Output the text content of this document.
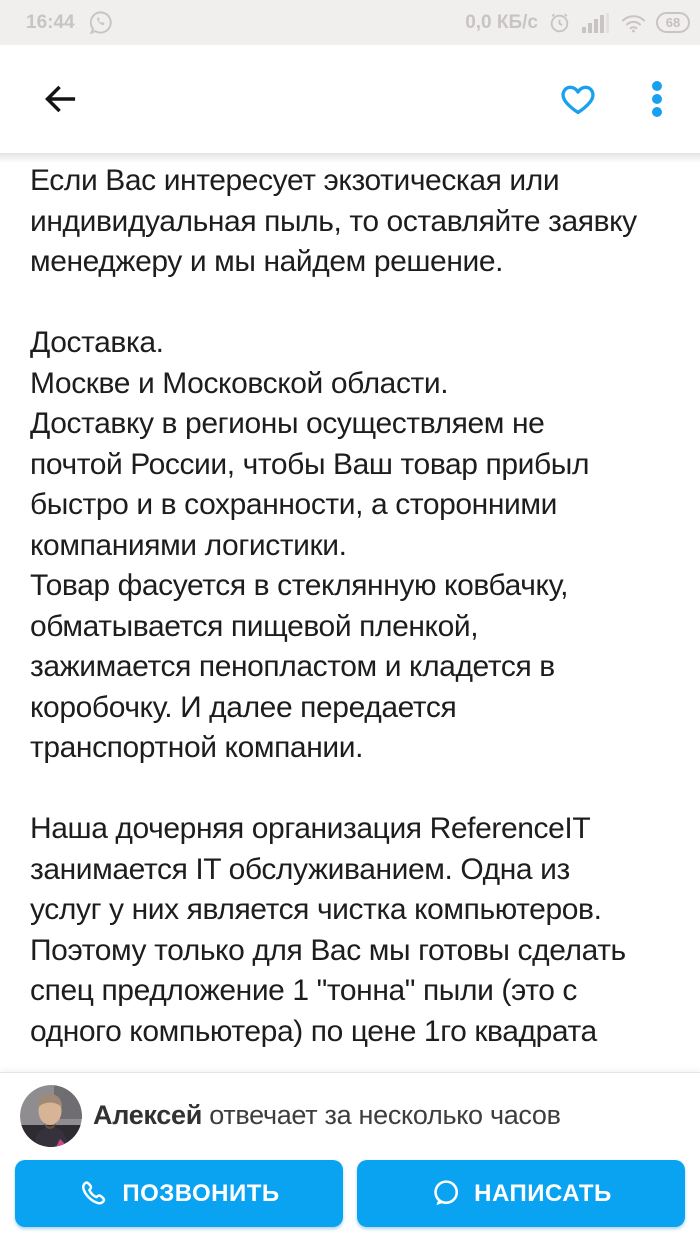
16:44	0,0 КБ/с	68
Если Вас интересует экзотическая или
индивидуальная пыль, то оставляйте заявку
менеджеру и мы найдем решение.
Доставка.
Москве и Московской области.
Доставку в регионы осуществляем не
почтой России, чтобы Ваш товар прибыл
быстро и в сохранности, а сторонними
компаниями логистики.
Товар фасуется в стеклянную ковбачку,
обматывается пищевой пленкой,
зажимается пенопластом и кладется в
коробочку. И далее передается
транспортной компании.
Наша дочерняя организация ReferenceIT
занимается IT обслуживанием. Одна из
услуг у них является чистка компьютеров.
Поэтому только для Вас мы готовы сделать
спец предложение 1 "тонна" пыли (это с
одного компьютера) по цене 1го квадрата
Алексей отвечает за несколько часов
ПОЗВОНИТЬ	НАПИСАТЬ
